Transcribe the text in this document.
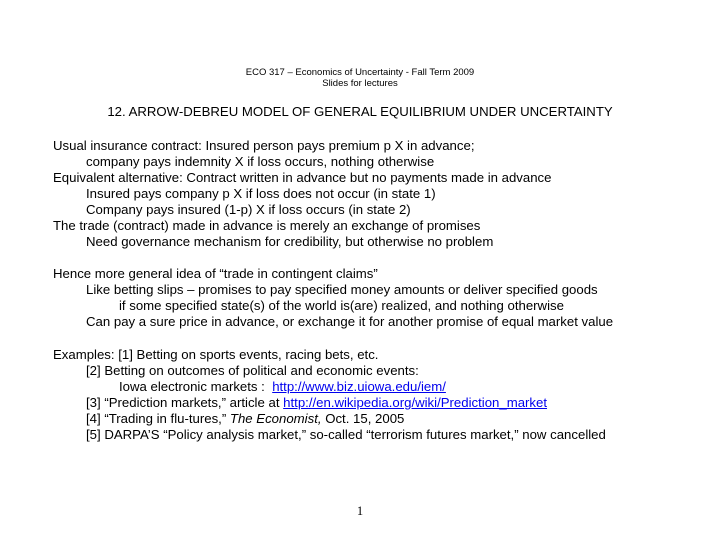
ECO 317 – Economics of Uncertainty - Fall Term 2009
Slides for lectures
12. ARROW-DEBREU MODEL OF GENERAL EQUILIBRIUM UNDER UNCERTAINTY
Usual insurance contract: Insured person pays premium p X in advance;
company pays indemnity X if loss occurs, nothing otherwise
Equivalent alternative: Contract written in advance but no payments made in advance
Insured pays company p X if loss does not occur (in state 1)
Company pays insured (1-p) X if loss occurs (in state 2)
The trade (contract) made in advance is merely an exchange of promises
Need governance mechanism for credibility, but otherwise no problem
Hence more general idea of “trade in contingent claims”
Like betting slips – promises to pay specified money amounts or deliver specified goods
if some specified state(s) of the world is(are) realized, and nothing otherwise
Can pay a sure price in advance, or exchange it for another promise of equal market value
Examples: [1] Betting on sports events, racing bets, etc.
[2] Betting on outcomes of political and economic events:
Iowa electronic markets : http://www.biz.uiowa.edu/iem/
[3] “Prediction markets,” article at http://en.wikipedia.org/wiki/Prediction_market
[4] “Trading in flu-tures,” The Economist, Oct. 15, 2005
[5] DARPA’S “Policy analysis market,” so-called “terrorism futures market,” now cancelled
1
